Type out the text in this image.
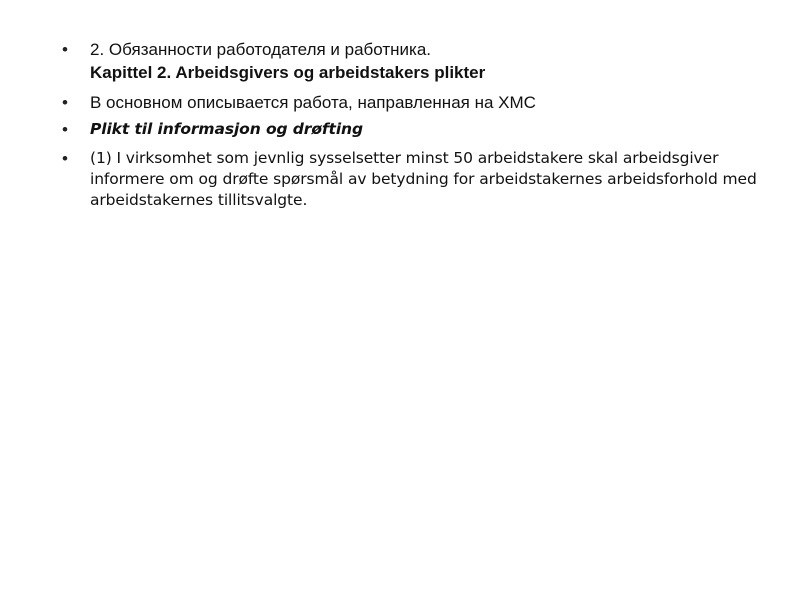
• 2. Обязанности работодателя и работника.
Kapittel 2. Arbeidsgivers og arbeidstakers plikter
• В основном описывается работа, направленная на ХМС
• Plikt til informasjon og drøfting
• (1) I virksomhet som jevnlig sysselsetter minst 50 arbeidstakere skal arbeidsgiver informere om og drøfte spørsmål av betydning for arbeidstakernes arbeidsforhold med arbeidstakernes tillitsvalgte.
